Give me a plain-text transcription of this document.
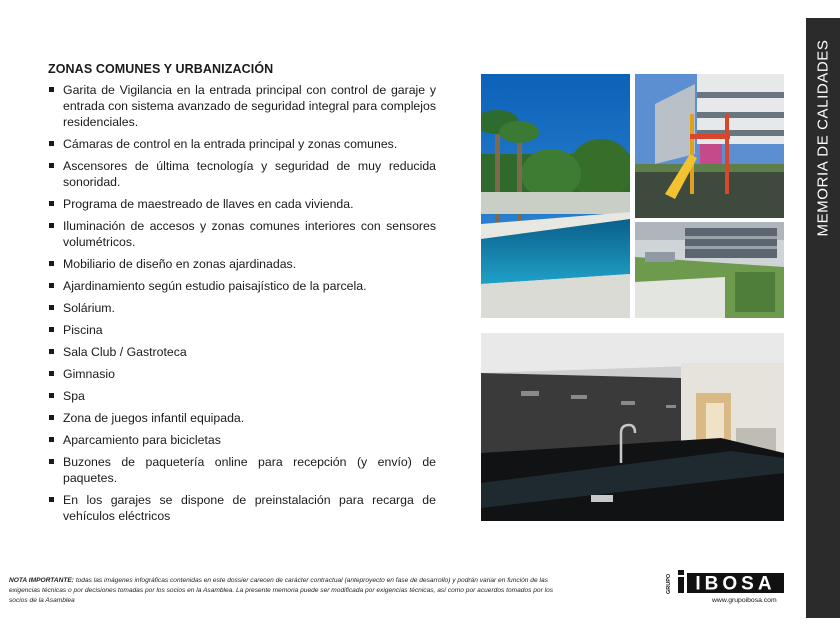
ZONAS COMUNES Y URBANIZACIÓN
Garita de Vigilancia en la entrada principal con control de garaje y entrada con sistema avanzado de seguridad integral para complejos residenciales.
Cámaras de control en la entrada principal y zonas comunes.
Ascensores de última tecnología y seguridad de muy reducida sonoridad.
Programa de maestreado de llaves en cada vivienda.
Iluminación de accesos y zonas comunes interiores con sensores volumétricos.
Mobiliario de diseño en zonas ajardinadas.
Ajardinamiento según estudio paisajístico de la parcela.
Solárium.
Piscina
Sala Club / Gastroteca
Gimnasio
Spa
Zona de juegos infantil equipada.
Aparcamiento para bicicletas
Buzones de paquetería online para recepción (y envío) de paquetes.
En los garajes se dispone de preinstalación para recarga de vehículos eléctricos
MEMORIA DE CALIDADES
NOTA IMPORTANTE: todas las imágenes infográficas contenidas en este dossier carecen de carácter contractual (anteproyecto en fase de desarrollo) y podrán variar en función de las exigencias técnicas o por decisiones tomadas por los socios en la Asamblea. La presente memoria puede ser modificada por exigencias técnicas, así como por acuerdos tomados por los socios de la Asamblea
GRUPO IBOSA
www.grupoibosa.com
